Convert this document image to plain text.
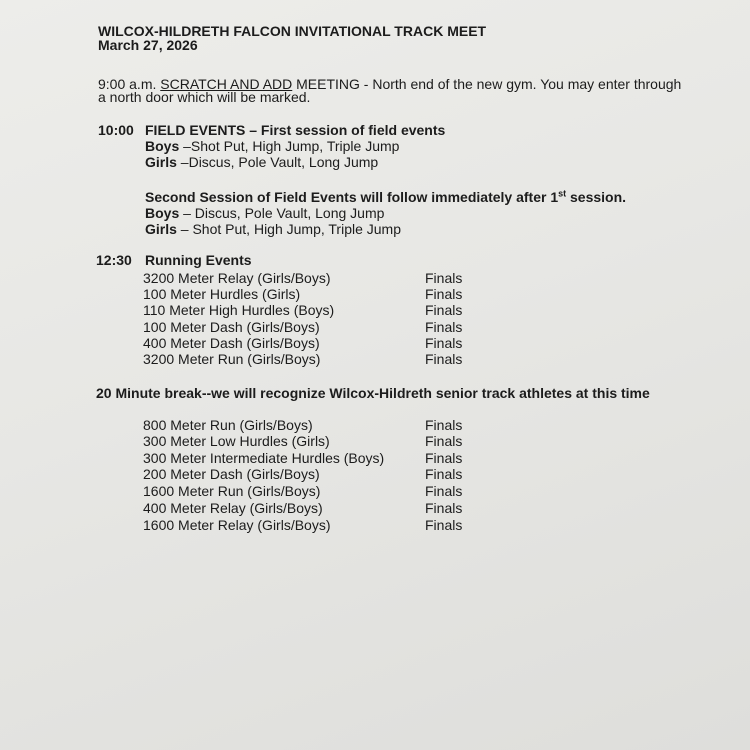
WILCOX-HILDRETH FALCON INVITATIONAL TRACK MEET
March 27, 2026
9:00 a.m. SCRATCH AND ADD MEETING - North end of the new gym. You may enter through
a north door which will be marked.
10:00 FIELD EVENTS – First session of field events
Boys –Shot Put, High Jump, Triple Jump
Girls –Discus, Pole Vault, Long Jump
Second Session of Field Events will follow immediately after 1st session.
Boys – Discus, Pole Vault, Long Jump
Girls – Shot Put, High Jump, Triple Jump
12:30 Running Events
3200 Meter Relay (Girls/Boys)	Finals
100 Meter Hurdles (Girls)	Finals
110 Meter High Hurdles (Boys)	Finals
100 Meter Dash (Girls/Boys)	Finals
400 Meter Dash (Girls/Boys)	Finals
3200 Meter Run (Girls/Boys)	Finals
20 Minute break--we will recognize Wilcox-Hildreth senior track athletes at this time
800 Meter Run (Girls/Boys)	Finals
300 Meter Low Hurdles (Girls)	Finals
300 Meter Intermediate Hurdles (Boys)	Finals
200 Meter Dash (Girls/Boys)	Finals
1600 Meter Run (Girls/Boys)	Finals
400 Meter Relay (Girls/Boys)	Finals
1600 Meter Relay (Girls/Boys)	Finals
